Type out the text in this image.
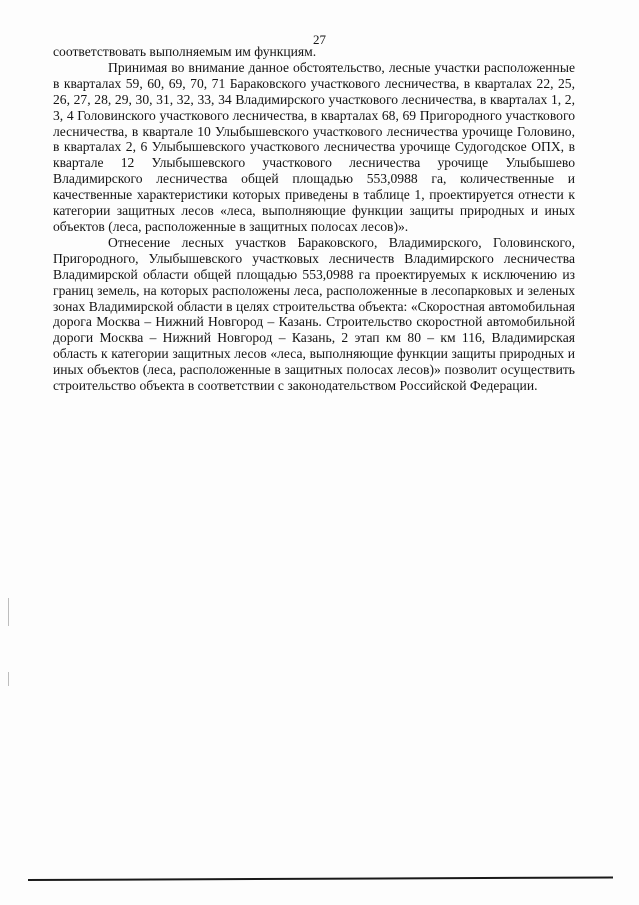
27

соответствовать выполняемым им функциям.

Принимая во внимание данное обстоятельство, лесные участки расположенные в кварталах 59, 60, 69, 70, 71 Бараковского участкового лесничества, в кварталах 22, 25, 26, 27, 28, 29, 30, 31, 32, 33, 34 Владимирского участкового лесничества, в кварталах 1, 2, 3, 4 Головинского участкового лесничества, в кварталах 68, 69 Пригородного участкового лесничества, в квартале 10 Улыбышевского участкового лесничества урочище Головино, в кварталах 2, 6 Улыбышевского участкового лесничества урочище Судогодское ОПХ, в квартале 12 Улыбышевского участкового лесничества урочище Улыбышево Владимирского лесничества общей площадью 553,0988 га, количественные и качественные характеристики которых приведены в таблице 1, проектируется отнести к категории защитных лесов «леса, выполняющие функции защиты природных и иных объектов (леса, расположенные в защитных полосах лесов)».

Отнесение лесных участков Бараковского, Владимирского, Головинского, Пригородного, Улыбышевского участковых лесничеств Владимирского лесничества Владимирской области общей площадью 553,0988 га проектируемых к исключению из границ земель, на которых расположены леса, расположенные в лесопарковых и зеленых зонах Владимирской области в целях строительства объекта: «Скоростная автомобильная дорога Москва – Нижний Новгород – Казань. Строительство скоростной автомобильной дороги Москва – Нижний Новгород – Казань, 2 этап км 80 – км 116, Владимирская область к категории защитных лесов «леса, выполняющие функции защиты природных и иных объектов (леса, расположенные в защитных полосах лесов)» позволит осуществить строительство объекта в соответствии с законодательством Российской Федерации.
